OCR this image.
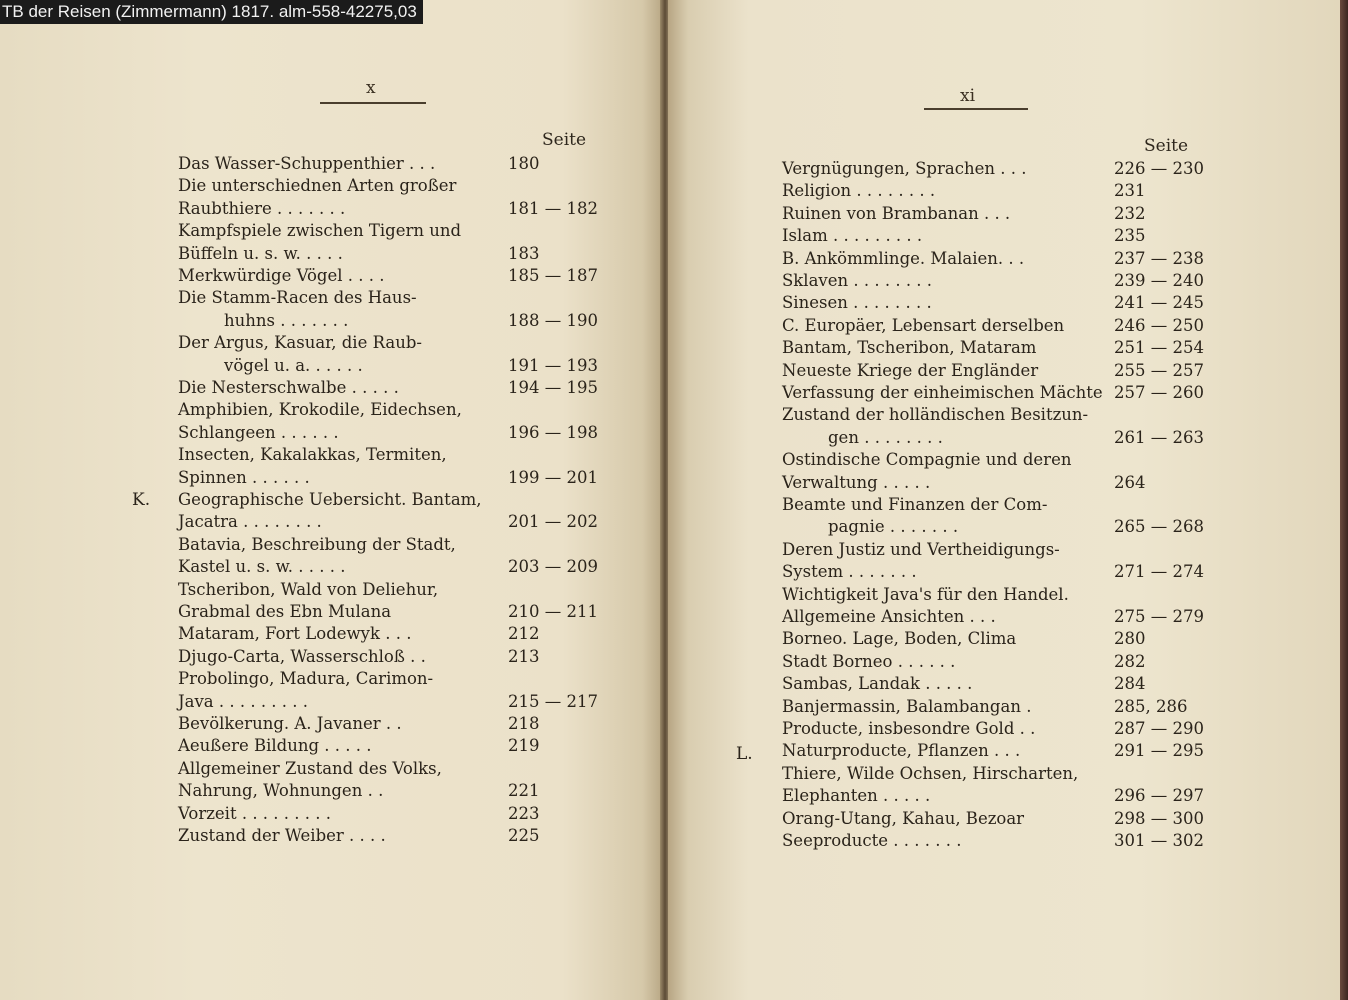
x
Seite
K.
Das Wasser-Schuppenthier . . .	180
Die unterschiednen Arten großer
Raubthiere . . . . . . .	181 — 182
Kampfspiele zwischen Tigern und
Büffeln u. s. w. . . . .	183
Merkwürdige Vögel . . . .	185 — 187
Die Stamm-Racen des Haus-
huhns . . . . . . .	188 — 190
Der Argus, Kasuar, die Raub-
vögel u. a. . . . . .	191 — 193
Die Nesterschwalbe . . . . .	194 — 195
Amphibien, Krokodile, Eidechsen,
Schlangeen . . . . . .	196 — 198
Insecten, Kakalakkas, Termiten,
Spinnen . . . . . .	199 — 201
Geographische Uebersicht. Bantam,
Jacatra . . . . . . . .	201 — 202
Batavia, Beschreibung der Stadt,
Kastel u. s. w. . . . . .	203 — 209
Tscheribon, Wald von Deliehur,
Grabmal des Ebn Mulana	210 — 211
Mataram, Fort Lodewyk . . .	212
Djugo-Carta, Wasserschloß . .	213
Probolingo, Madura, Carimon-
Java . . . . . . . . .	215 — 217
Bevölkerung. A. Javaner . .	218
Aeußere Bildung . . . . .	219
Allgemeiner Zustand des Volks,
Nahrung, Wohnungen . .	221
Vorzeit . . . . . . . . .	223
Zustand der Weiber . . . .	225
xi
Seite
L.
Vergnügungen, Sprachen . . .	226 — 230
Religion . . . . . . . .	231
Ruinen von Brambanan . . .	232
Islam . . . . . . . . .	235
B. Ankömmlinge. Malaien. . .	237 — 238
Sklaven . . . . . . . .	239 — 240
Sinesen . . . . . . . .	241 — 245
C. Europäer, Lebensart derselben	246 — 250
Bantam, Tscheribon, Mataram	251 — 254
Neueste Kriege der Engländer	255 — 257
Verfassung der einheimischen Mächte 257 — 260
Zustand der holländischen Besitzun-
gen . . . . . . . .	261 — 263
Ostindische Compagnie und deren
Verwaltung . . . . .	264
Beamte und Finanzen der Com-
pagnie . . . . . . .	265 — 268
Deren Justiz und Vertheidigungs-
System . . . . . . .	271 — 274
Wichtigkeit Java's für den Handel.
Allgemeine Ansichten . . .	275 — 279
Borneo. Lage, Boden, Clima	280
Stadt Borneo . . . . . .	282
Sambas, Landak . . . . .	284
Banjermassin, Balambangan .	285, 286
Producte, insbesondre Gold . .	287 — 290
Naturproducte, Pflanzen . . .	291 — 295
Thiere, Wilde Ochsen, Hirscharten,
Elephanten . . . . .	296 — 297
Orang-Utang, Kahau, Bezoar	298 — 300
Seeproducte . . . . . . .	301 — 302
TB der Reisen (Zimmermann) 1817. alm-558-42275,03
